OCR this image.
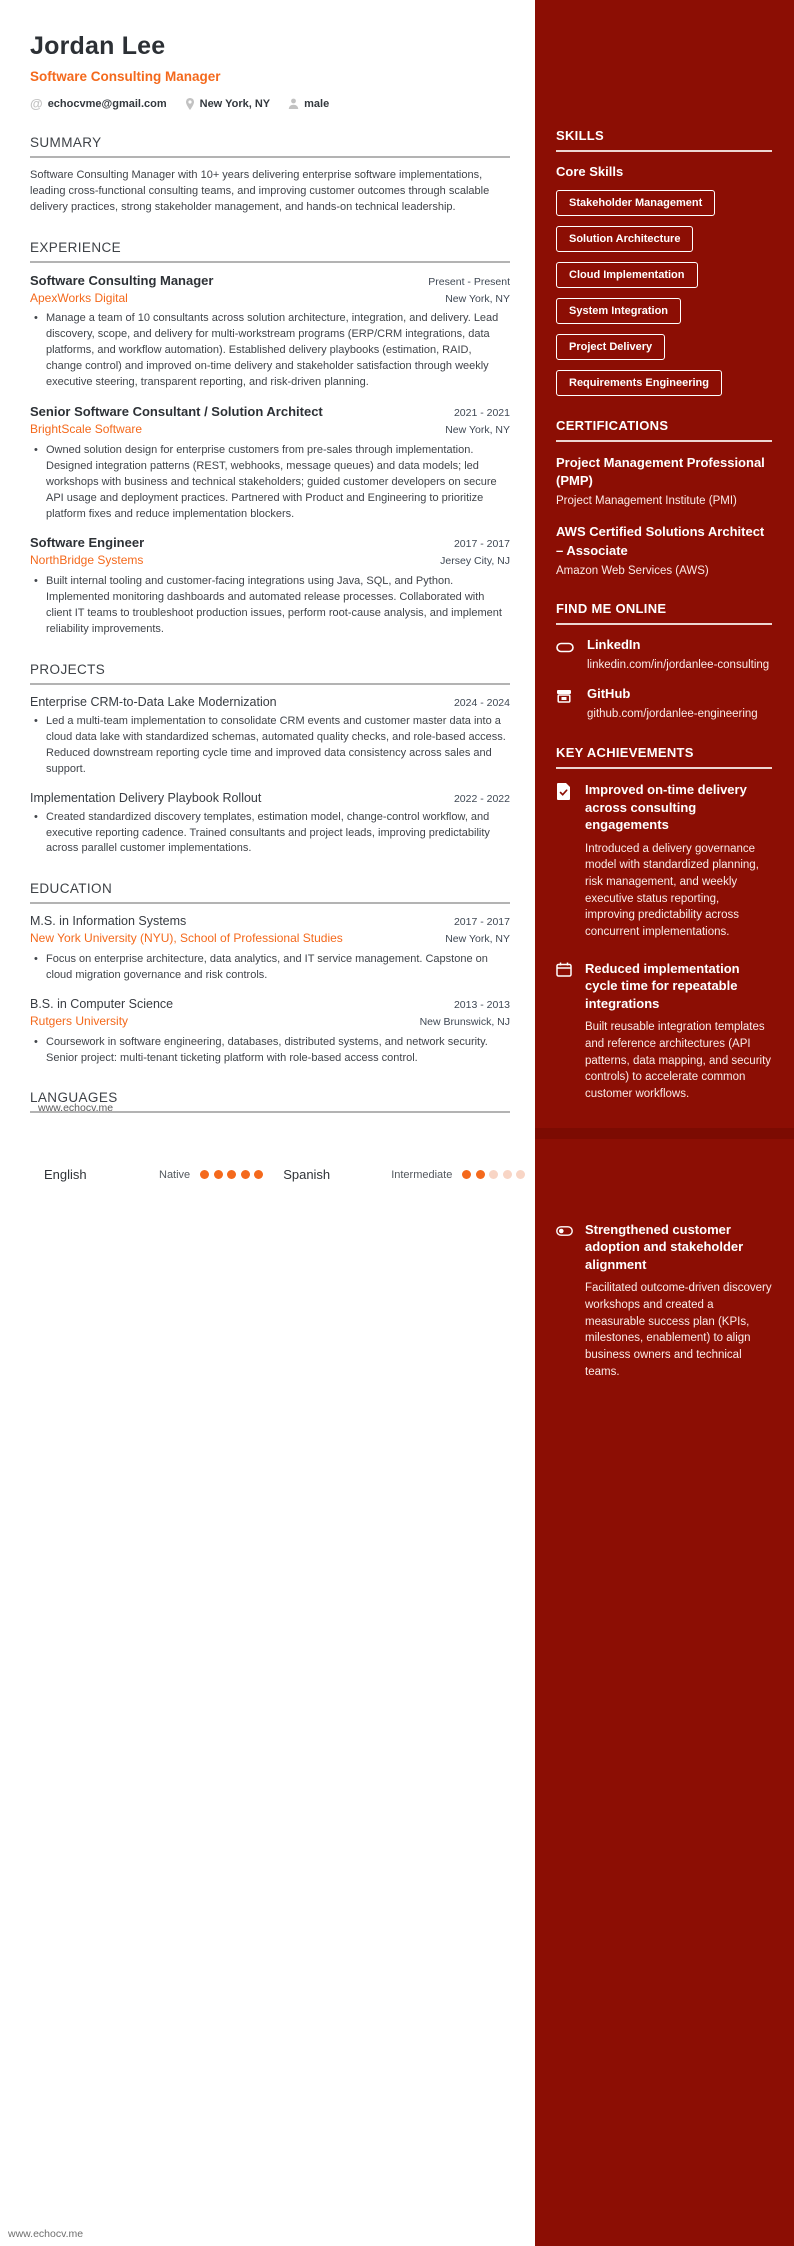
Jordan Lee
Software Consulting Manager
@ echocvme@gmail.com	New York, NY	male
SUMMARY
Software Consulting Manager with 10+ years delivering enterprise software implementations, leading cross-functional consulting teams, and improving customer outcomes through scalable delivery practices, strong stakeholder management, and hands-on technical leadership.
EXPERIENCE
Software Consulting Manager	Present - Present
ApexWorks Digital	New York, NY
• Manage a team of 10 consultants across solution architecture, integration, and delivery. Lead discovery, scope, and delivery for multi-workstream programs (ERP/CRM integrations, data platforms, and workflow automation). Established delivery playbooks (estimation, RAID, change control) and improved on-time delivery and stakeholder satisfaction through weekly executive steering, transparent reporting, and risk-driven planning.
Senior Software Consultant / Solution Architect	2021 - 2021
BrightScale Software	New York, NY
• Owned solution design for enterprise customers from pre-sales through implementation. Designed integration patterns (REST, webhooks, message queues) and data models; led workshops with business and technical stakeholders; guided customer developers on secure API usage and deployment practices. Partnered with Product and Engineering to prioritize platform fixes and reduce implementation blockers.
Software Engineer	2017 - 2017
NorthBridge Systems	Jersey City, NJ
• Built internal tooling and customer-facing integrations using Java, SQL, and Python. Implemented monitoring dashboards and automated release processes. Collaborated with client IT teams to troubleshoot production issues, perform root-cause analysis, and implement reliability improvements.
PROJECTS
Enterprise CRM-to-Data Lake Modernization	2024 - 2024
• Led a multi-team implementation to consolidate CRM events and customer master data into a cloud data lake with standardized schemas, automated quality checks, and role-based access. Reduced downstream reporting cycle time and improved data consistency across sales and support.
Implementation Delivery Playbook Rollout	2022 - 2022
• Created standardized discovery templates, estimation model, change-control workflow, and executive reporting cadence. Trained consultants and project leads, improving predictability across parallel customer implementations.
EDUCATION
M.S. in Information Systems	2017 - 2017
New York University (NYU), School of Professional Studies	New York, NY
• Focus on enterprise architecture, data analytics, and IT service management. Capstone on cloud migration governance and risk controls.
B.S. in Computer Science	2013 - 2013
Rutgers University	New Brunswick, NJ
• Coursework in software engineering, databases, distributed systems, and network security. Senior project: multi-tenant ticketing platform with role-based access control.
LANGUAGES
www.echocv.me
English	Native	Spanish	Intermediate
www.echocv.me
SKILLS
Core Skills
Stakeholder Management
Solution Architecture
Cloud Implementation
System Integration
Project Delivery
Requirements Engineering
CERTIFICATIONS
Project Management Professional (PMP)
Project Management Institute (PMI)
AWS Certified Solutions Architect – Associate
Amazon Web Services (AWS)
FIND ME ONLINE
LinkedIn
linkedin.com/in/jordanlee-consulting
GitHub
github.com/jordanlee-engineering
KEY ACHIEVEMENTS
Improved on-time delivery across consulting engagements
Introduced a delivery governance model with standardized planning, risk management, and weekly executive status reporting, improving predictability across concurrent implementations.
Reduced implementation cycle time for repeatable integrations
Built reusable integration templates and reference architectures (API patterns, data mapping, and security controls) to accelerate common customer workflows.
Strengthened customer adoption and stakeholder alignment
Facilitated outcome-driven discovery workshops and created a measurable success plan (KPIs, milestones, enablement) to align business owners and technical teams.
